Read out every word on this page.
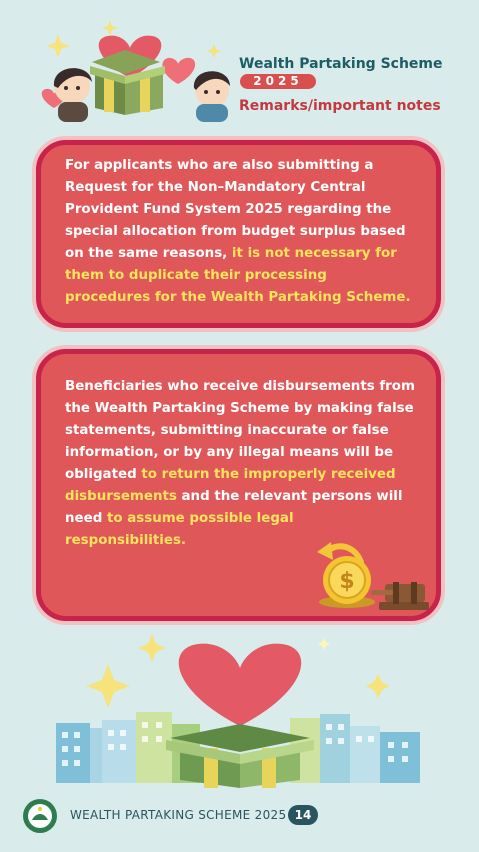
Wealth Partaking Scheme
2025
Remarks/important notes

For applicants who are also submitting a Request for the Non–Mandatory Central Provident Fund System 2025 regarding the special allocation from budget surplus based on the same reasons, it is not necessary for them to duplicate their processing procedures for the Wealth Partaking Scheme.

Beneficiaries who receive disbursements from the Wealth Partaking Scheme by making false statements, submitting inaccurate or false information, or by any illegal means will be obligated to return the improperly received disbursements and the relevant persons will need to assume possible legal responsibilities.

$
WEALTH PARTAKING SCHEME 2025 14
